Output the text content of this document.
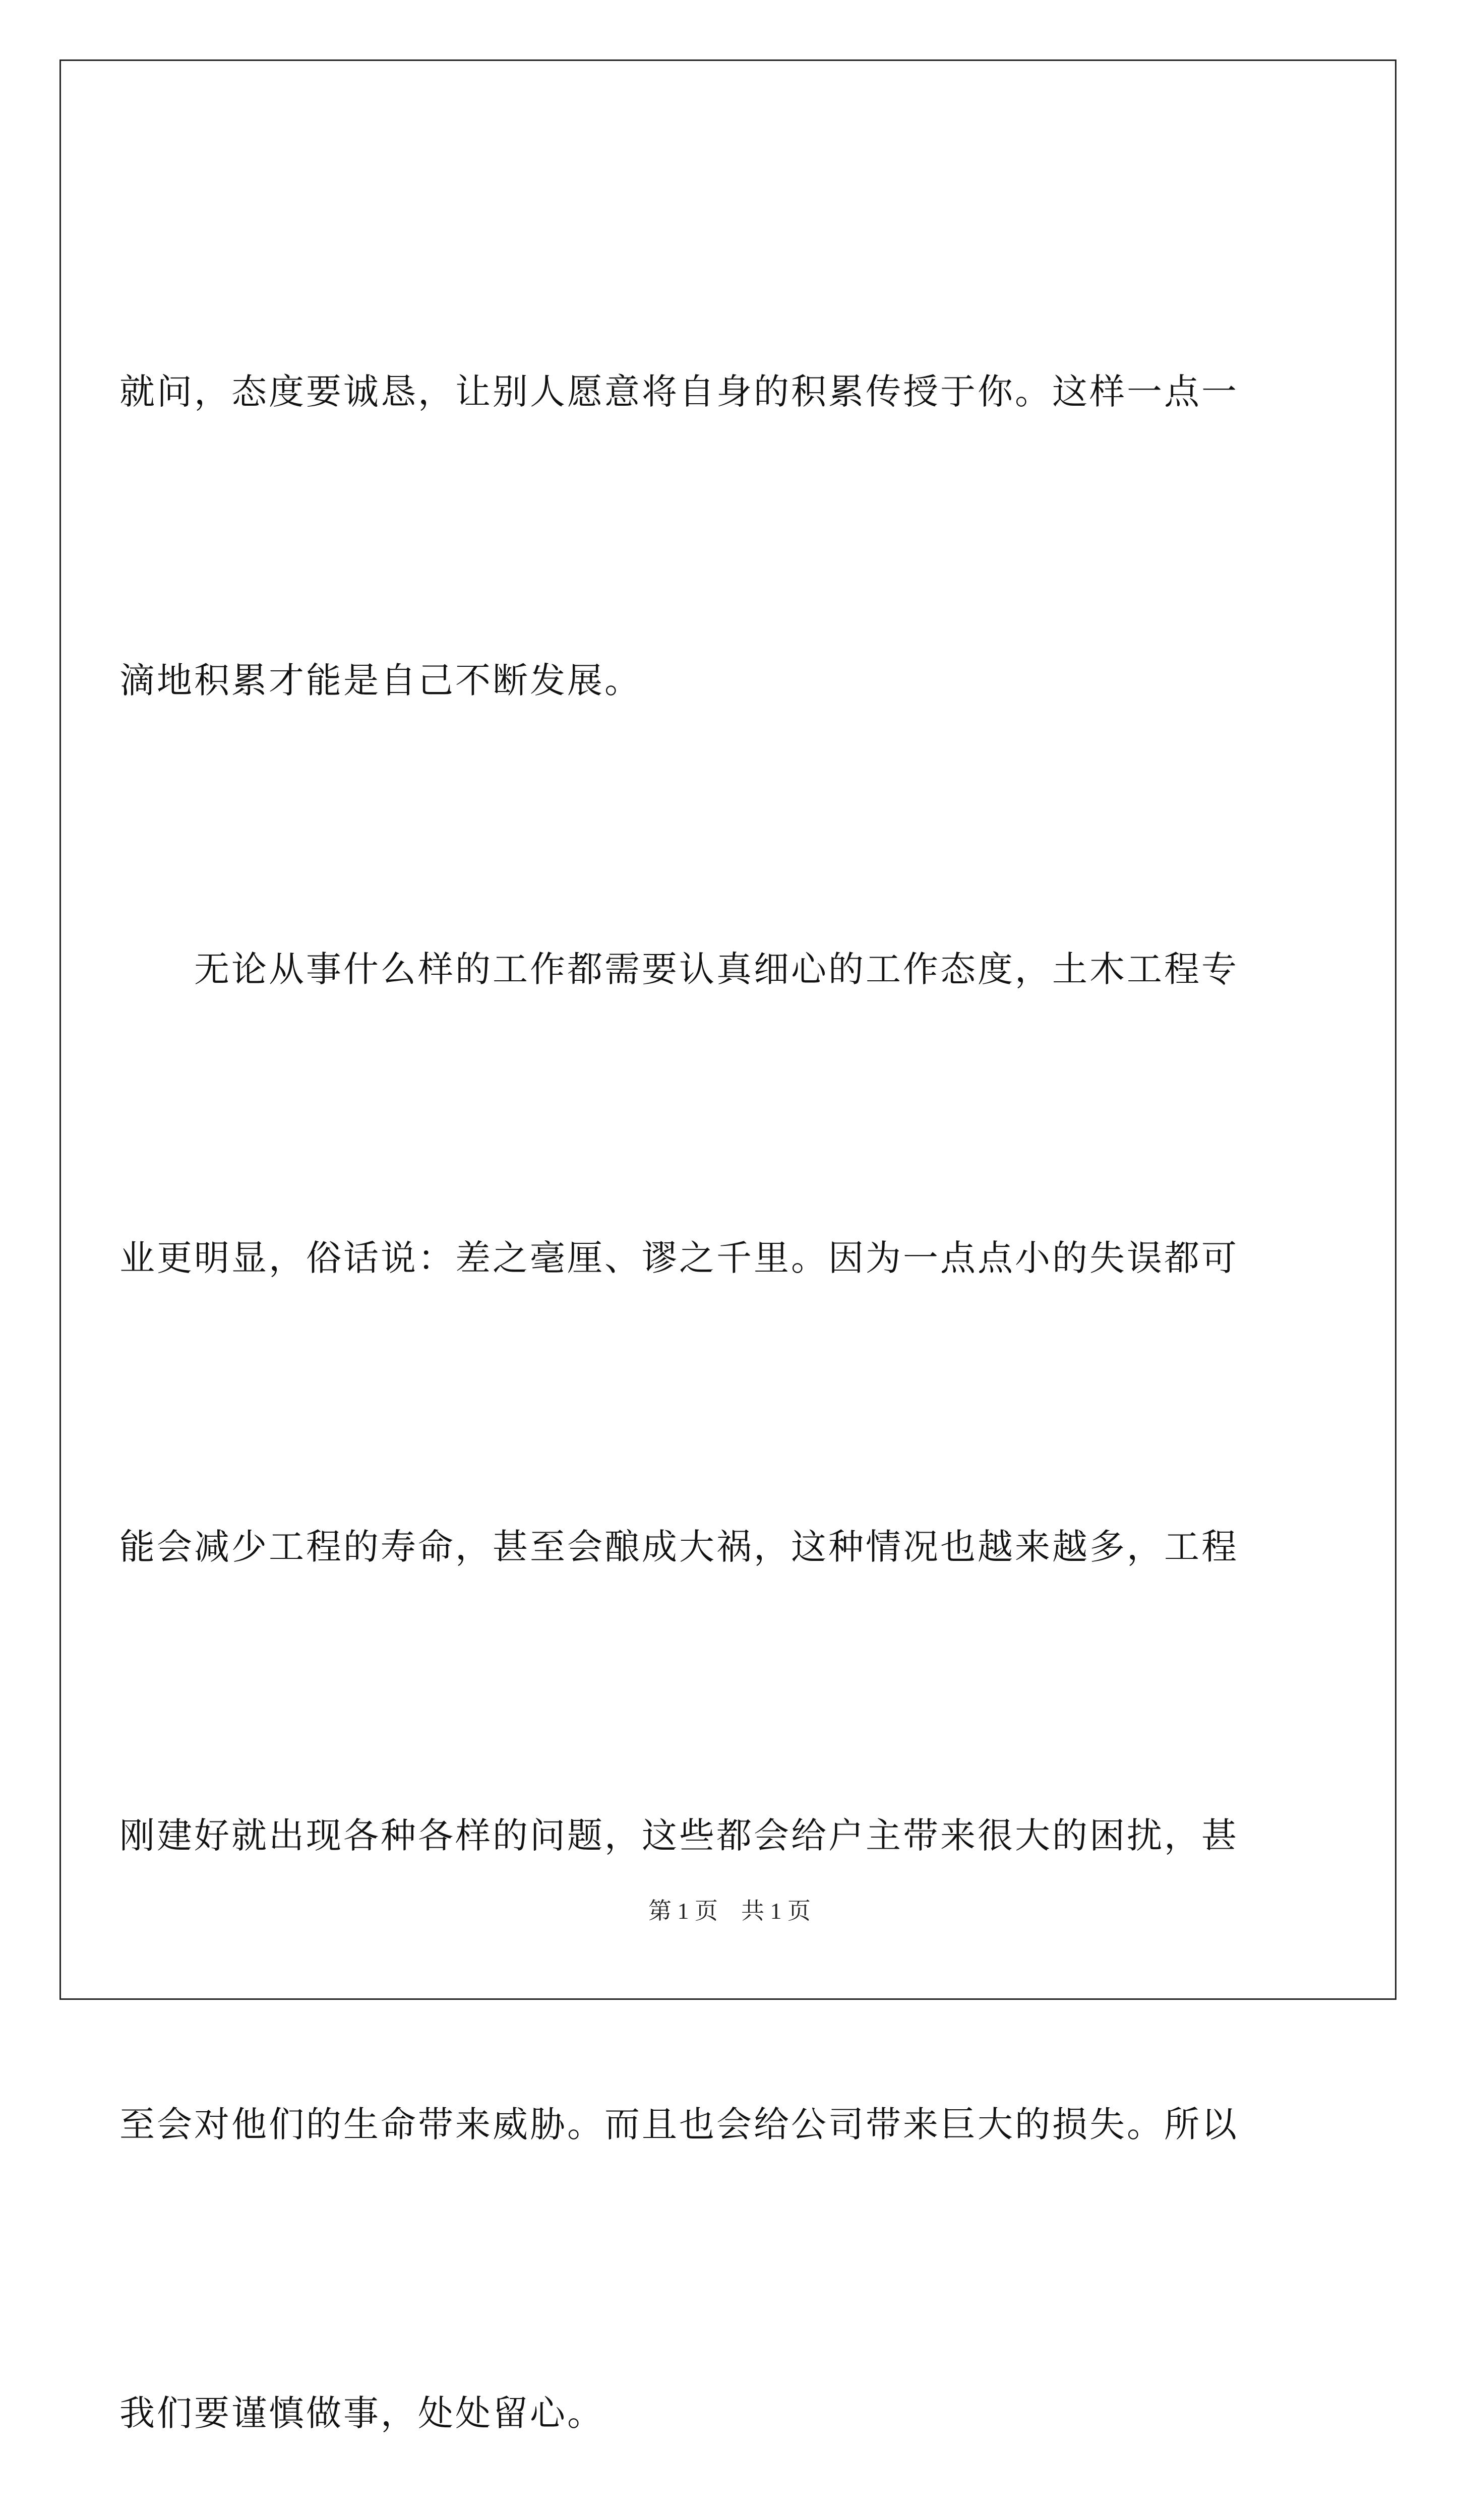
就问，态度要诚恳，让别人愿意将自身的积累传授于你。这样一点一

滴地积累才能是自己不断发展。

　　无论从事什么样的工作都需要认真细心的工作态度，土木工程专

业更明显，俗话说：差之毫厘、谬之千里。因为一点点小的失误都可

能会减少工程的寿命，甚至会酿成大祸，这种情况也越来越多，工程

刚建好就出现各种各样的问题，这些都会给户主带来很大的困扰，甚

至会对他们的生命带来威胁。而且也会给公司带来巨大的损失。所以

我们要谨慎做事，处处留心。

第 1 页　共 1 页
